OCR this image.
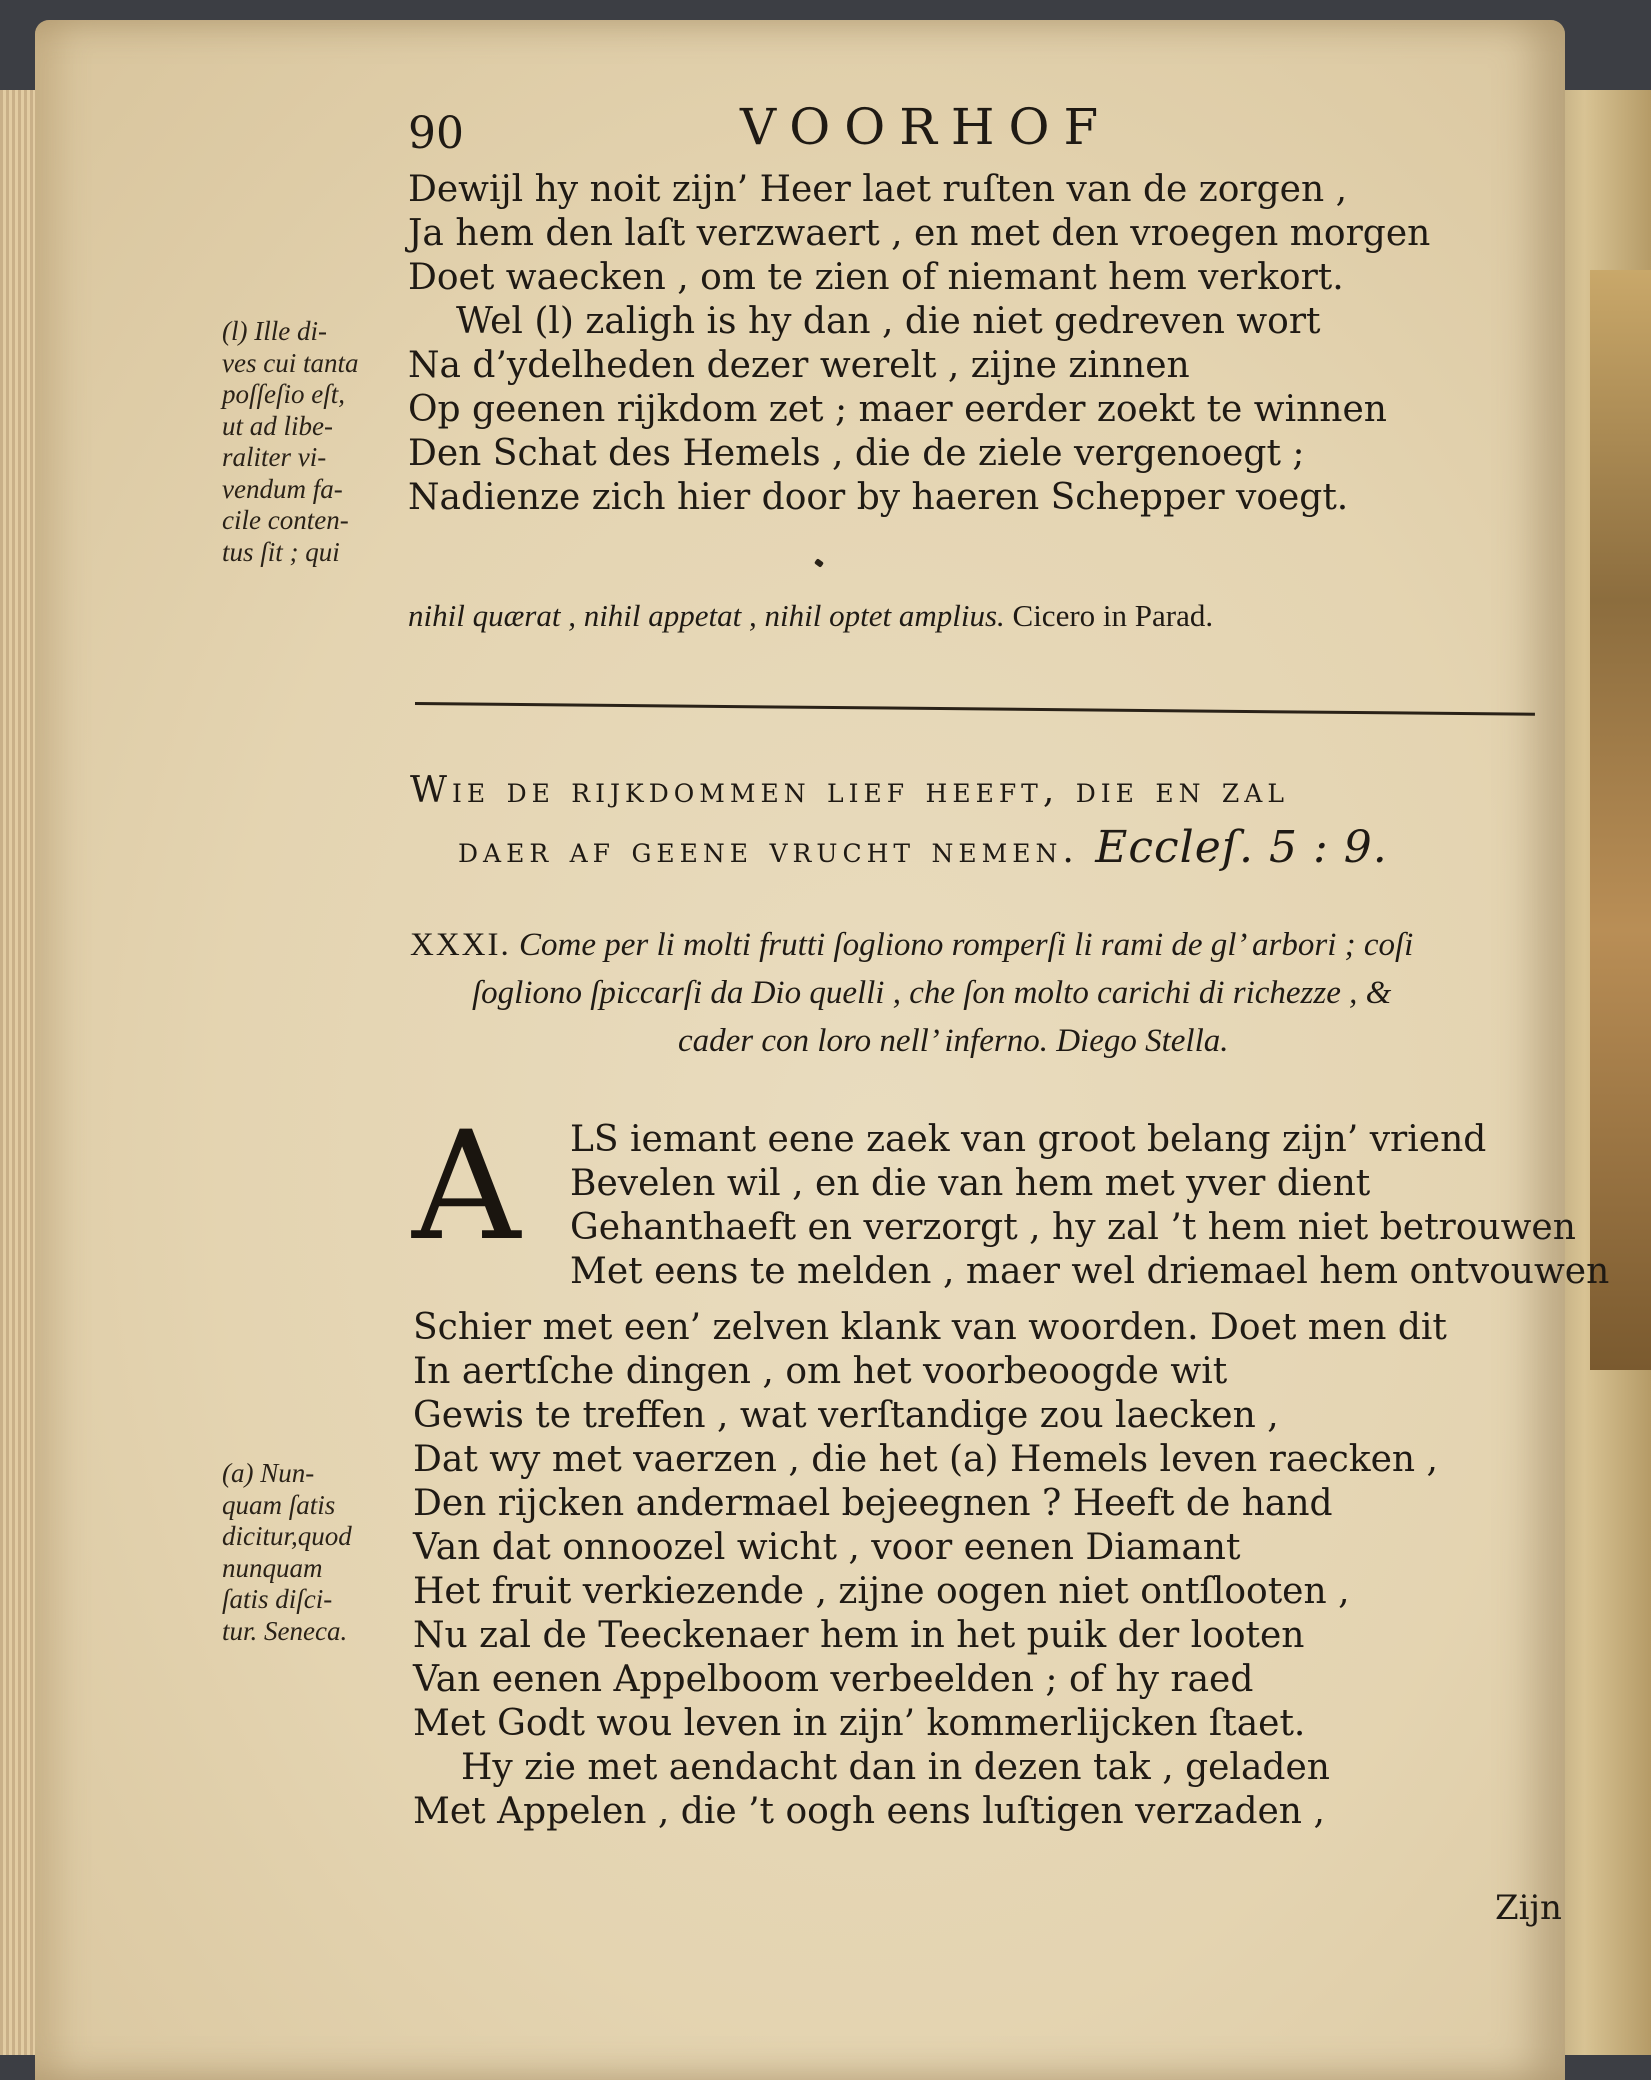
90	VOORHOF
Dewijl hy noit zijn’ Heer laet ruſten van de zorgen ,
Ja hem den laſt verzwaert , en met den vroegen morgen
Doet waecken , om te zien of niemant hem verkort.
Wel (l) zaligh is hy dan , die niet gedreven wort
Na d’ydelheden dezer werelt , zijne zinnen
Op geenen rijkdom zet ; maer eerder zoekt te winnen
Den Schat des Hemels , die de ziele vergenoegt ;
Nadienze zich hier door by haeren Schepper voegt.
(l) Ille di-
ves cui tanta
poſſeſio eſt,
ut ad libe-
raliter vi-
vendum fa-
cile conten-
tus ſit ; qui
nihil quærat , nihil appetat , nihil optet amplius. Cicero in Parad.
Wie de rijkdommen lief heeft, die en zal
daer af geene vrucht nemen. Eccleſ. 5 : 9.
XXXI. Come per li molti frutti ſogliono romperſi li rami de gl’ arbori ; coſi
ſogliono ſpiccarſi da Dio quelli , che ſon molto carichi di richezze , &
cader con loro nell’ inferno. Diego Stella.
A LS iemant eene zaek van groot belang zijn’ vriend
Bevelen wil , en die van hem met yver dient
Gehanthaeft en verzorgt , hy zal ’t hem niet betrouwen
Met eens te melden , maer wel driemael hem ontvouwen
Schier met een’ zelven klank van woorden. Doet men dit
In aertſche dingen , om het voorbeoogde wit
Gewis te treffen , wat verſtandige zou laecken ,
Dat wy met vaerzen , die het (a) Hemels leven raecken ,
Den rijcken andermael bejeegnen ? Heeft de hand
Van dat onnoozel wicht , voor eenen Diamant
Het fruit verkiezende , zijne oogen niet ontſlooten ,
Nu zal de Teeckenaer hem in het puik der looten
Van eenen Appelboom verbeelden ; of hy raed
Met Godt wou leven in zijn’ kommerlijcken ſtaet.
Hy zie met aendacht dan in dezen tak , geladen
Met Appelen , die ’t oogh eens luſtigen verzaden ,
(a) Nun-
quam ſatis
dicitur,quod
nunquam
ſatis diſci-
tur. Seneca.
Zijn
